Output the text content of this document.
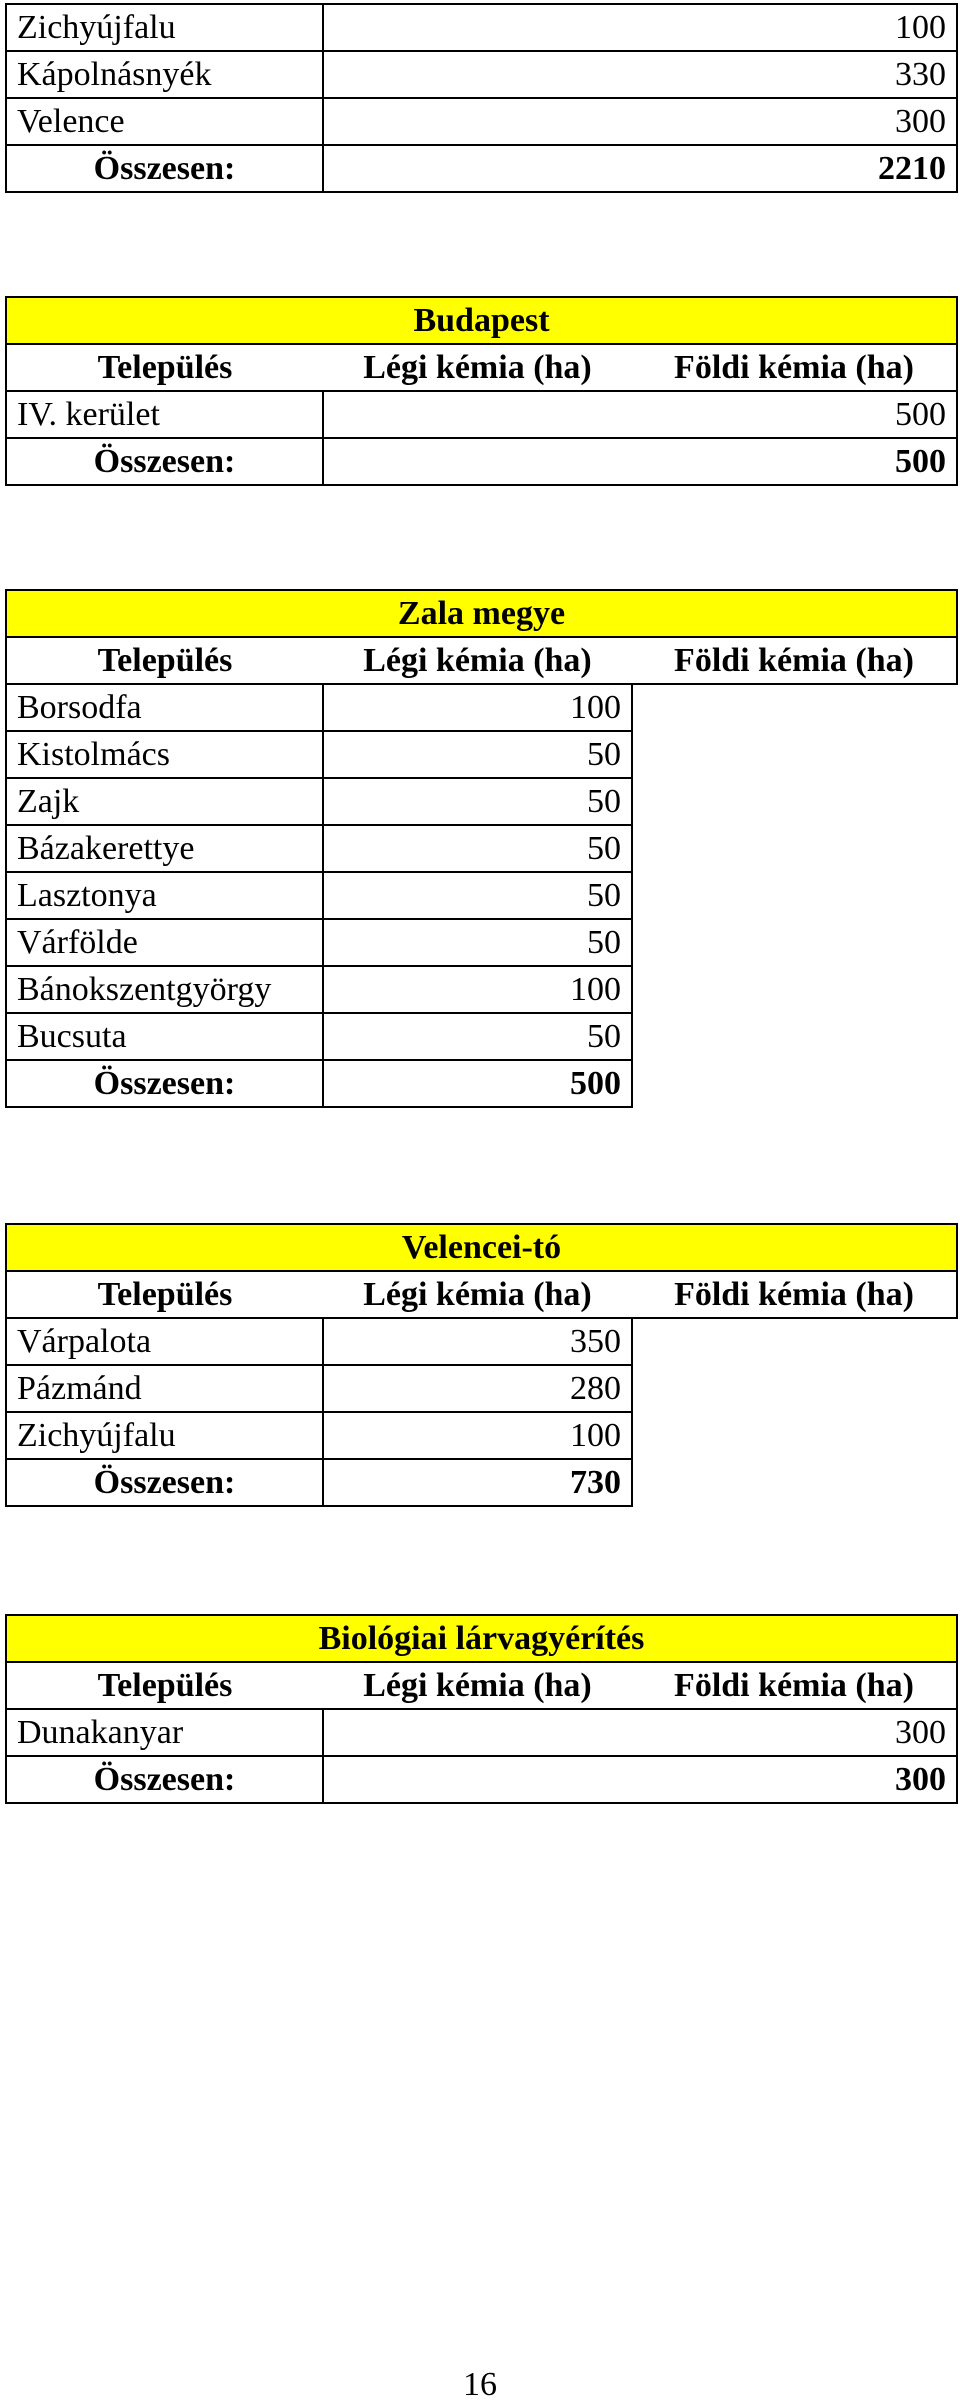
Zichyújfalu	100
Kápolnásnyék	330
Velence	300
Összesen:	2210
Budapest		
Település	Légi kémia (ha)	Földi kémia (ha)
IV. kerület	500	
Összesen:	500	
Zala megye		
Település	Légi kémia (ha)	Földi kémia (ha)
Borsodfa	100	
Kistolmács	50	
Zajk	50	
Bázakerettye	50	
Lasztonya	50	
Várfölde	50	
Bánokszentgyörgy	100	
Bucsuta	50	
Összesen:	500	
Velencei-tó		
Település	Légi kémia (ha)	Földi kémia (ha)
Várpalota	350	
Pázmánd	280	
Zichyújfalu	100	
Összesen:	730	
Biológiai lárvagyérítés		
Település	Légi kémia (ha)	Földi kémia (ha)
Dunakanyar	300	
Összesen:	300	
16
